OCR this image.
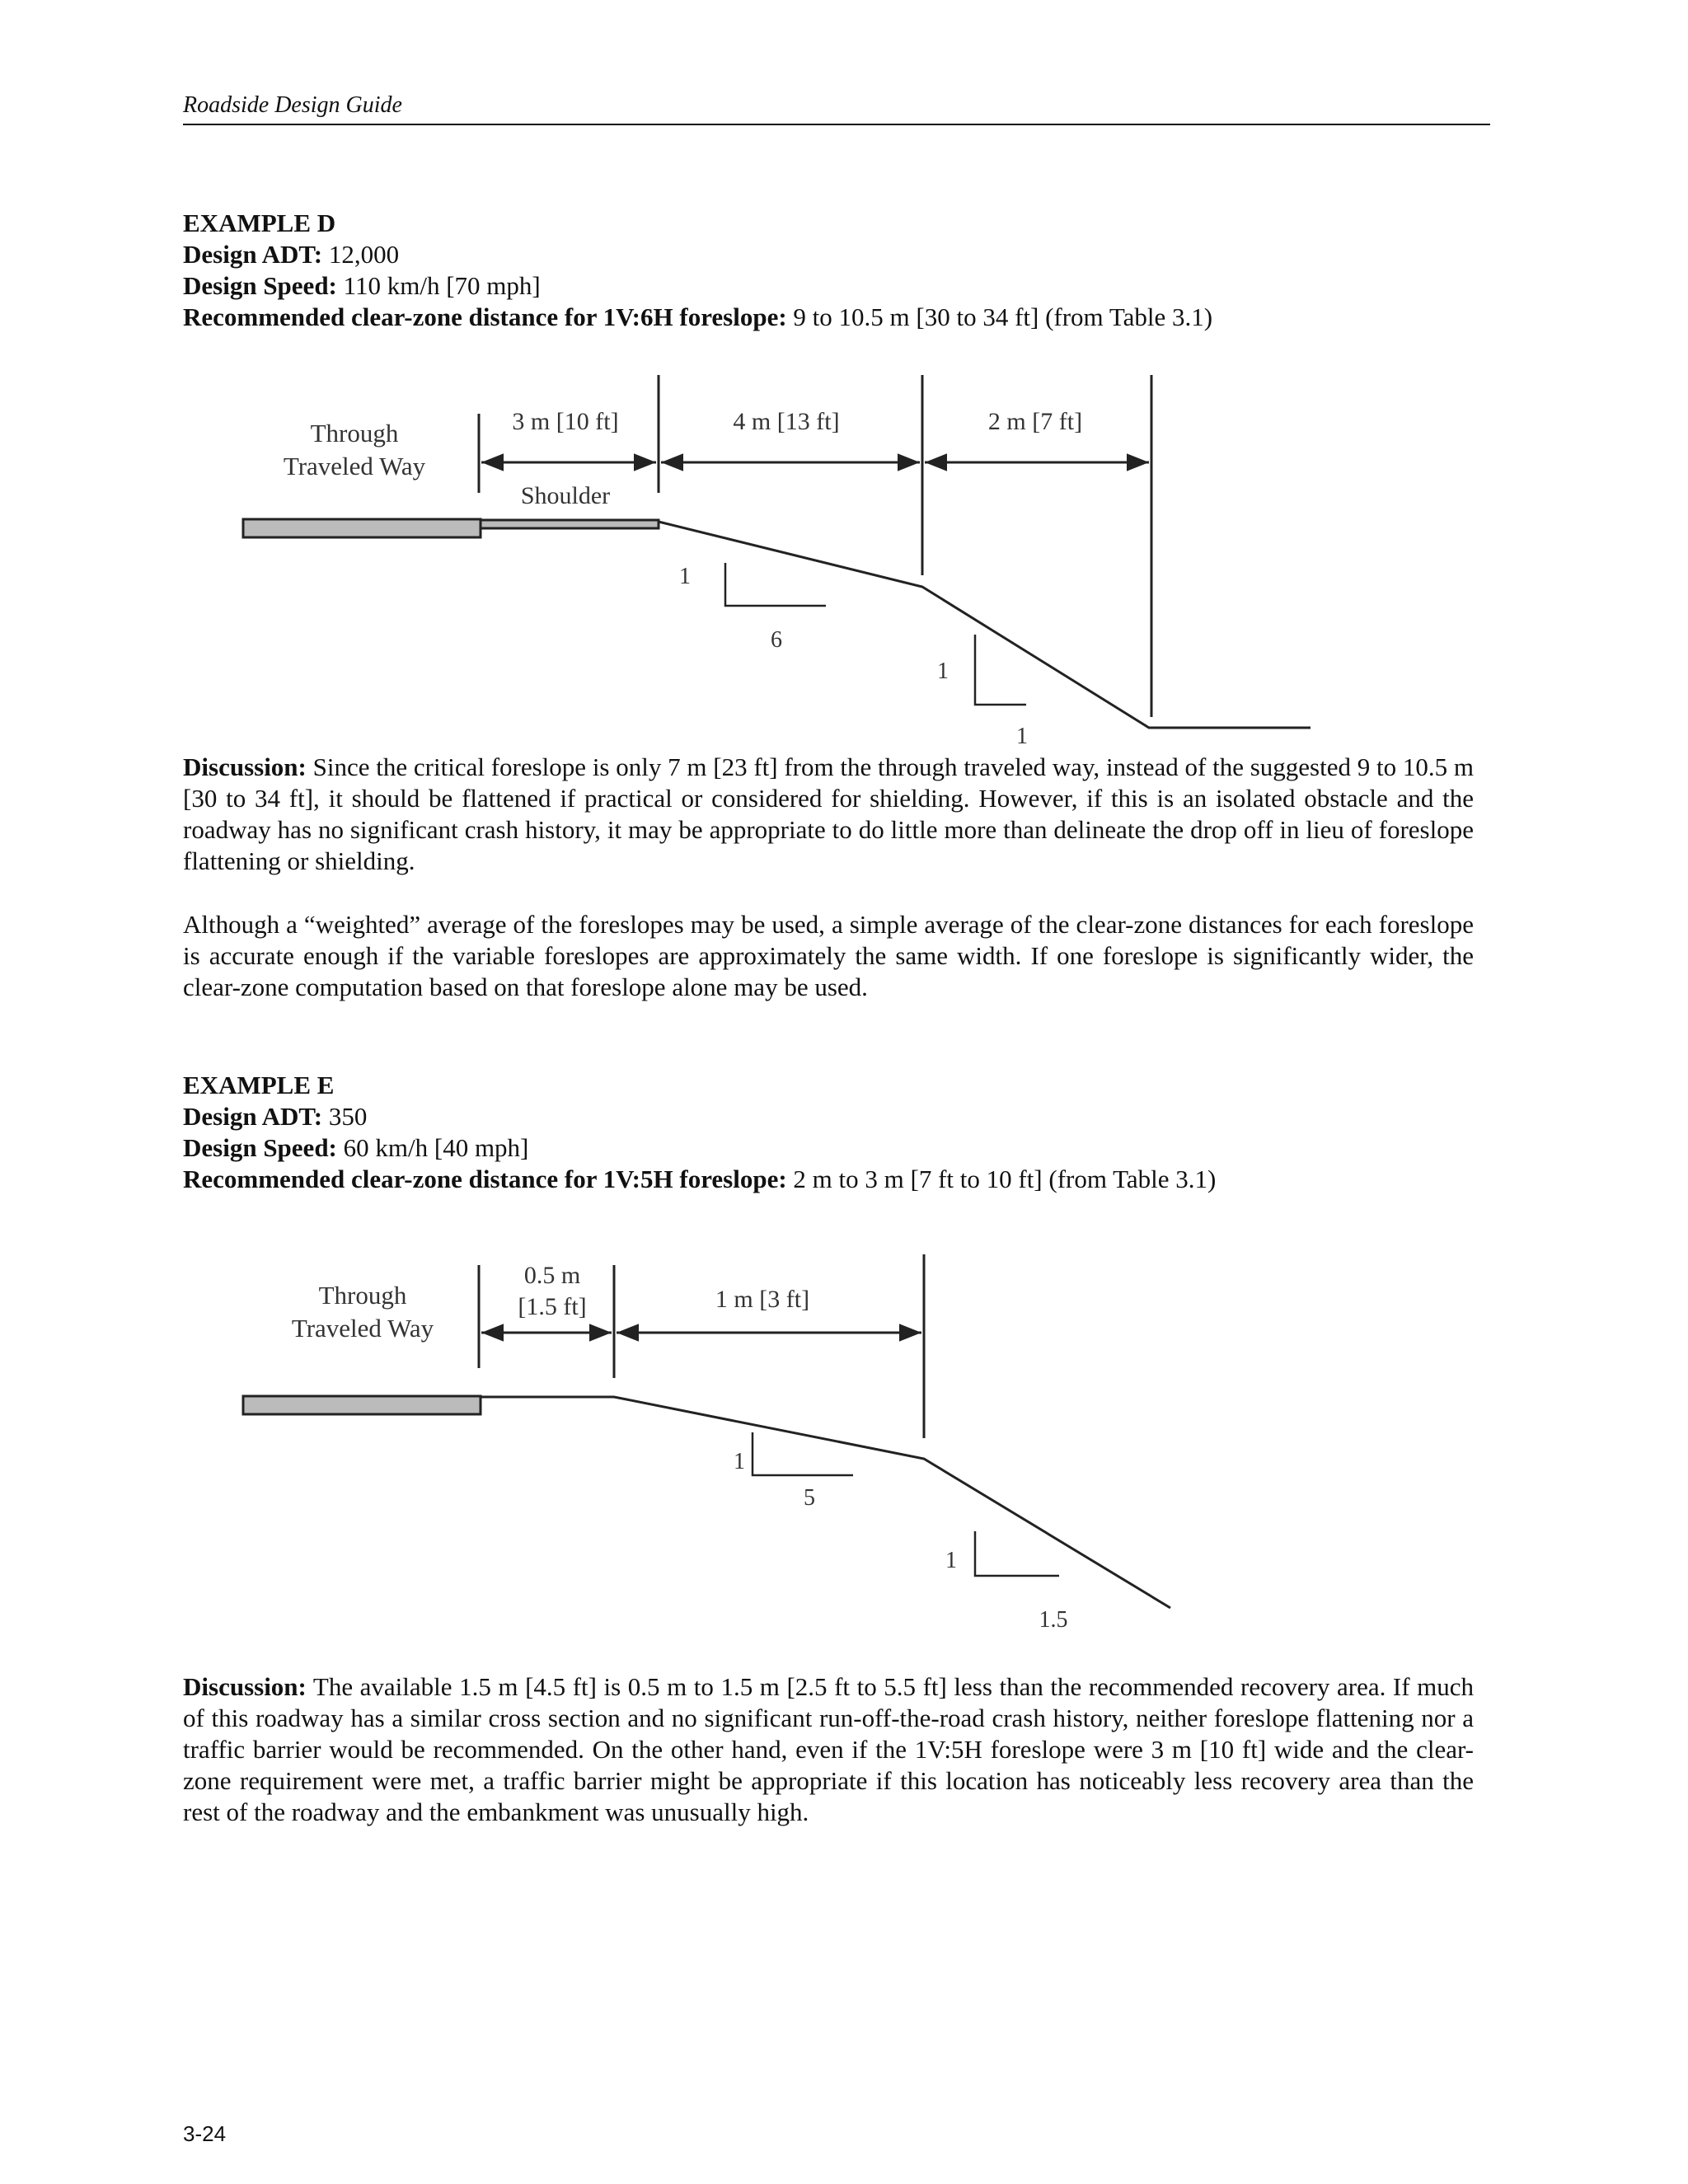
Roadside Design Guide
EXAMPLE D
Design ADT: 12,000
Design Speed: 110 km/h [70 mph]
Recommended clear-zone distance for 1V:6H foreslope: 9 to 10.5 m [30 to 34 ft] (from Table 3.1)
Through
Traveled Way
3 m [10 ft]	4 m [13 ft]	2 m [7 ft]
Shoulder
1
6
1
1
Through
Traveled Way
0.5 m
[1.5 ft]	1 m [3 ft]
1
5
1
1.5
Discussion: Since the critical foreslope is only 7 m [23 ft] from the through traveled way, instead of the suggested 9 to 10.5 m [30 to 34 ft], it should be flattened if practical or considered for shielding. However, if this is an isolated obstacle and the roadway has no significant crash history, it may be appropriate to do little more than delineate the drop off in lieu of foreslope flattening or shielding.
Although a “weighted” average of the foreslopes may be used, a simple average of the clear-zone distances for each foreslope is accurate enough if the variable foreslopes are approximately the same width. If one foreslope is significantly wider, the clear-zone computation based on that foreslope alone may be used.
EXAMPLE E
Design ADT: 350
Design Speed: 60 km/h [40 mph]
Recommended clear-zone distance for 1V:5H foreslope: 2 m to 3 m [7 ft to 10 ft] (from Table 3.1)
Discussion: The available 1.5 m [4.5 ft] is 0.5 m to 1.5 m [2.5 ft to 5.5 ft] less than the recommended recovery area. If much of this roadway has a similar cross section and no significant run-off-the-road crash history, neither foreslope flattening nor a traffic barrier would be recommended. On the other hand, even if the 1V:5H foreslope were 3 m [10 ft] wide and the clear-zone requirement were met, a traffic barrier might be appropriate if this location has noticeably less recovery area than the rest of the roadway and the embankment was unusually high.
3-24
